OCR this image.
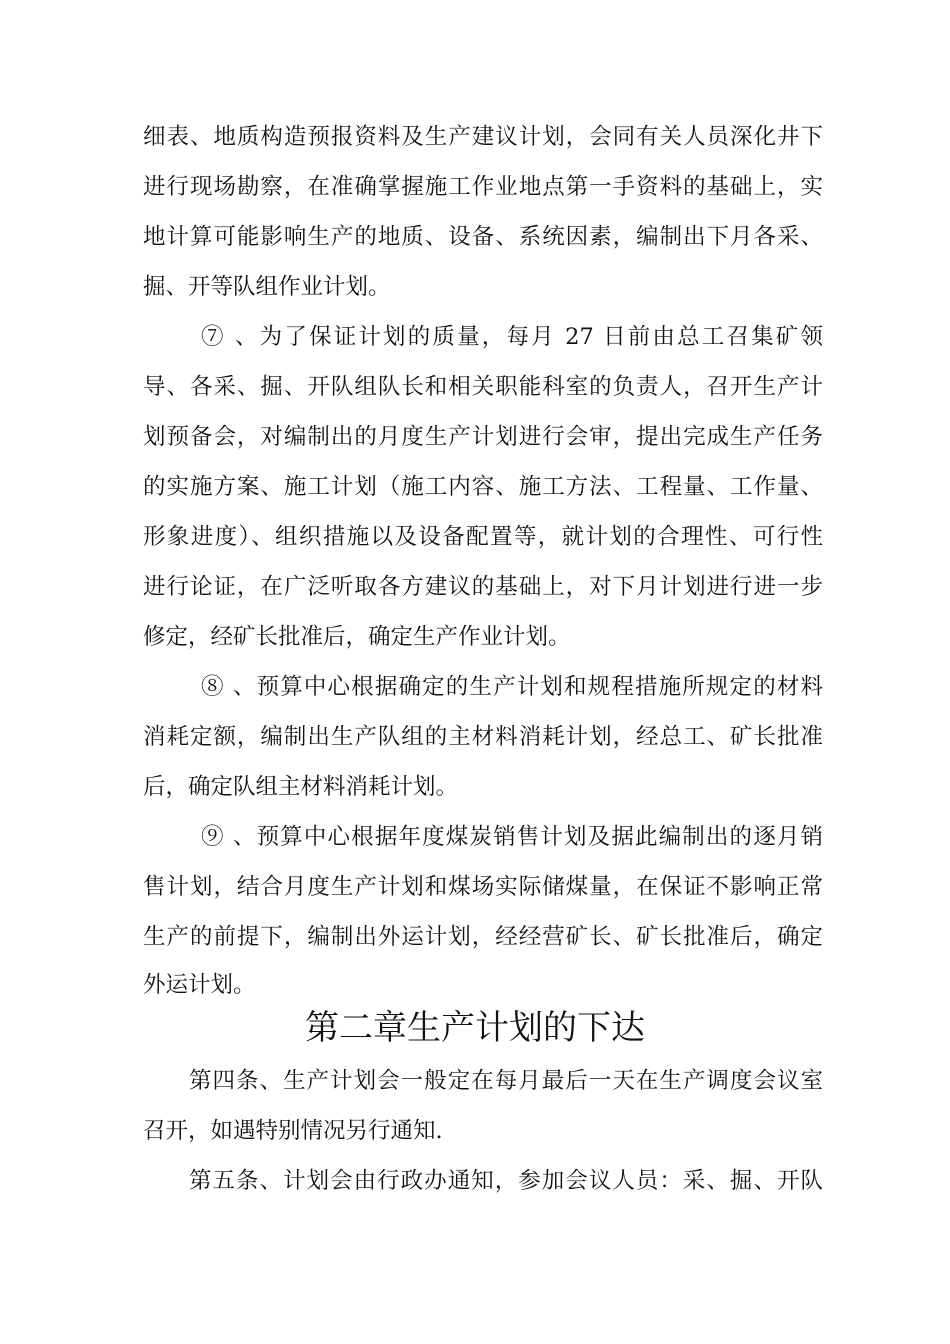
细表、地质构造预报资料及生产建议计划，会同有关人员深化井下
进行现场勘察，在准确掌握施工作业地点第一手资料的基础上，实
地计算可能影响生产的地质、设备、系统因素，编制出下月各采、
掘、开等队组作业计划。
⑦ 、为了保证计划的质量，每月 27 日前由总工召集矿领
导、各采、掘、开队组队长和相关职能科室的负责人，召开生产计
划预备会，对编制出的月度生产计划进行会审，提出完成生产任务
的实施方案、施工计划（施工内容、施工方法、工程量、工作量、
形象进度）、组织措施以及设备配置等，就计划的合理性、可行性
进行论证，在广泛听取各方建议的基础上，对下月计划进行进一步
修定，经矿长批准后，确定生产作业计划。
⑧ 、预算中心根据确定的生产计划和规程措施所规定的材料
消耗定额，编制出生产队组的主材料消耗计划，经总工、矿长批准
后，确定队组主材料消耗计划。
⑨ 、预算中心根据年度煤炭销售计划及据此编制出的逐月销
售计划，结合月度生产计划和煤场实际储煤量，在保证不影响正常
生产的前提下，编制出外运计划，经经营矿长、矿长批准后，确定
外运计划。
第二章生产计划的下达
第四条、生产计划会一般定在每月最后一天在生产调度会议室
召开，如遇特别情况另行通知.
第五条、计划会由行政办通知，参加会议人员：采、掘、开队
